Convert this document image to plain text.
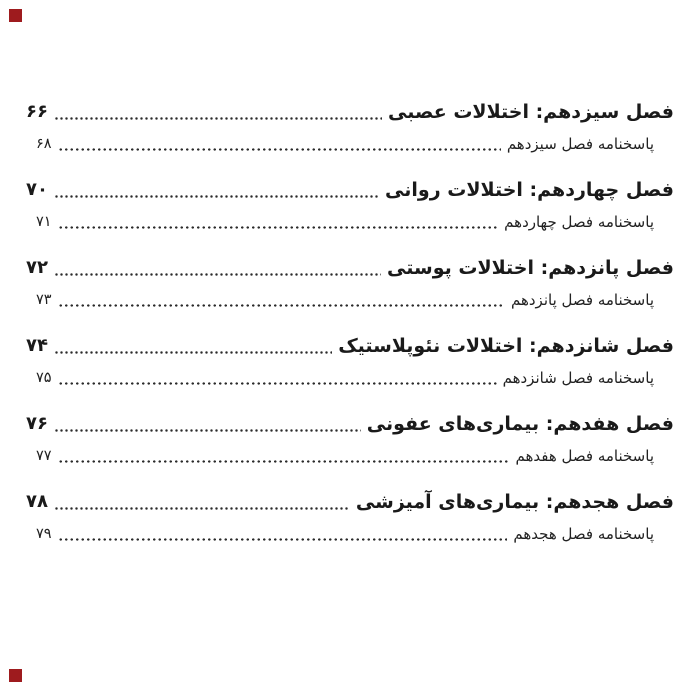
فصل سیزدهم: اختلالات عصبی
۶۶
پاسخنامه فصل سیزدهم
۶۸
فصل چهاردهم: اختلالات روانی
۷۰
پاسخنامه فصل چهاردهم
۷۱
فصل پانزدهم: اختلالات پوستی
۷۲
پاسخنامه فصل پانزدهم
۷۳
فصل شانزدهم: اختلالات نئوپلاستیک
۷۴
پاسخنامه فصل شانزدهم
۷۵
فصل هفدهم: بیماری‌های عفونی
۷۶
پاسخنامه فصل هفدهم
۷۷
فصل هجدهم: بیماری‌های آمیزشی
۷۸
پاسخنامه فصل هجدهم
۷۹
